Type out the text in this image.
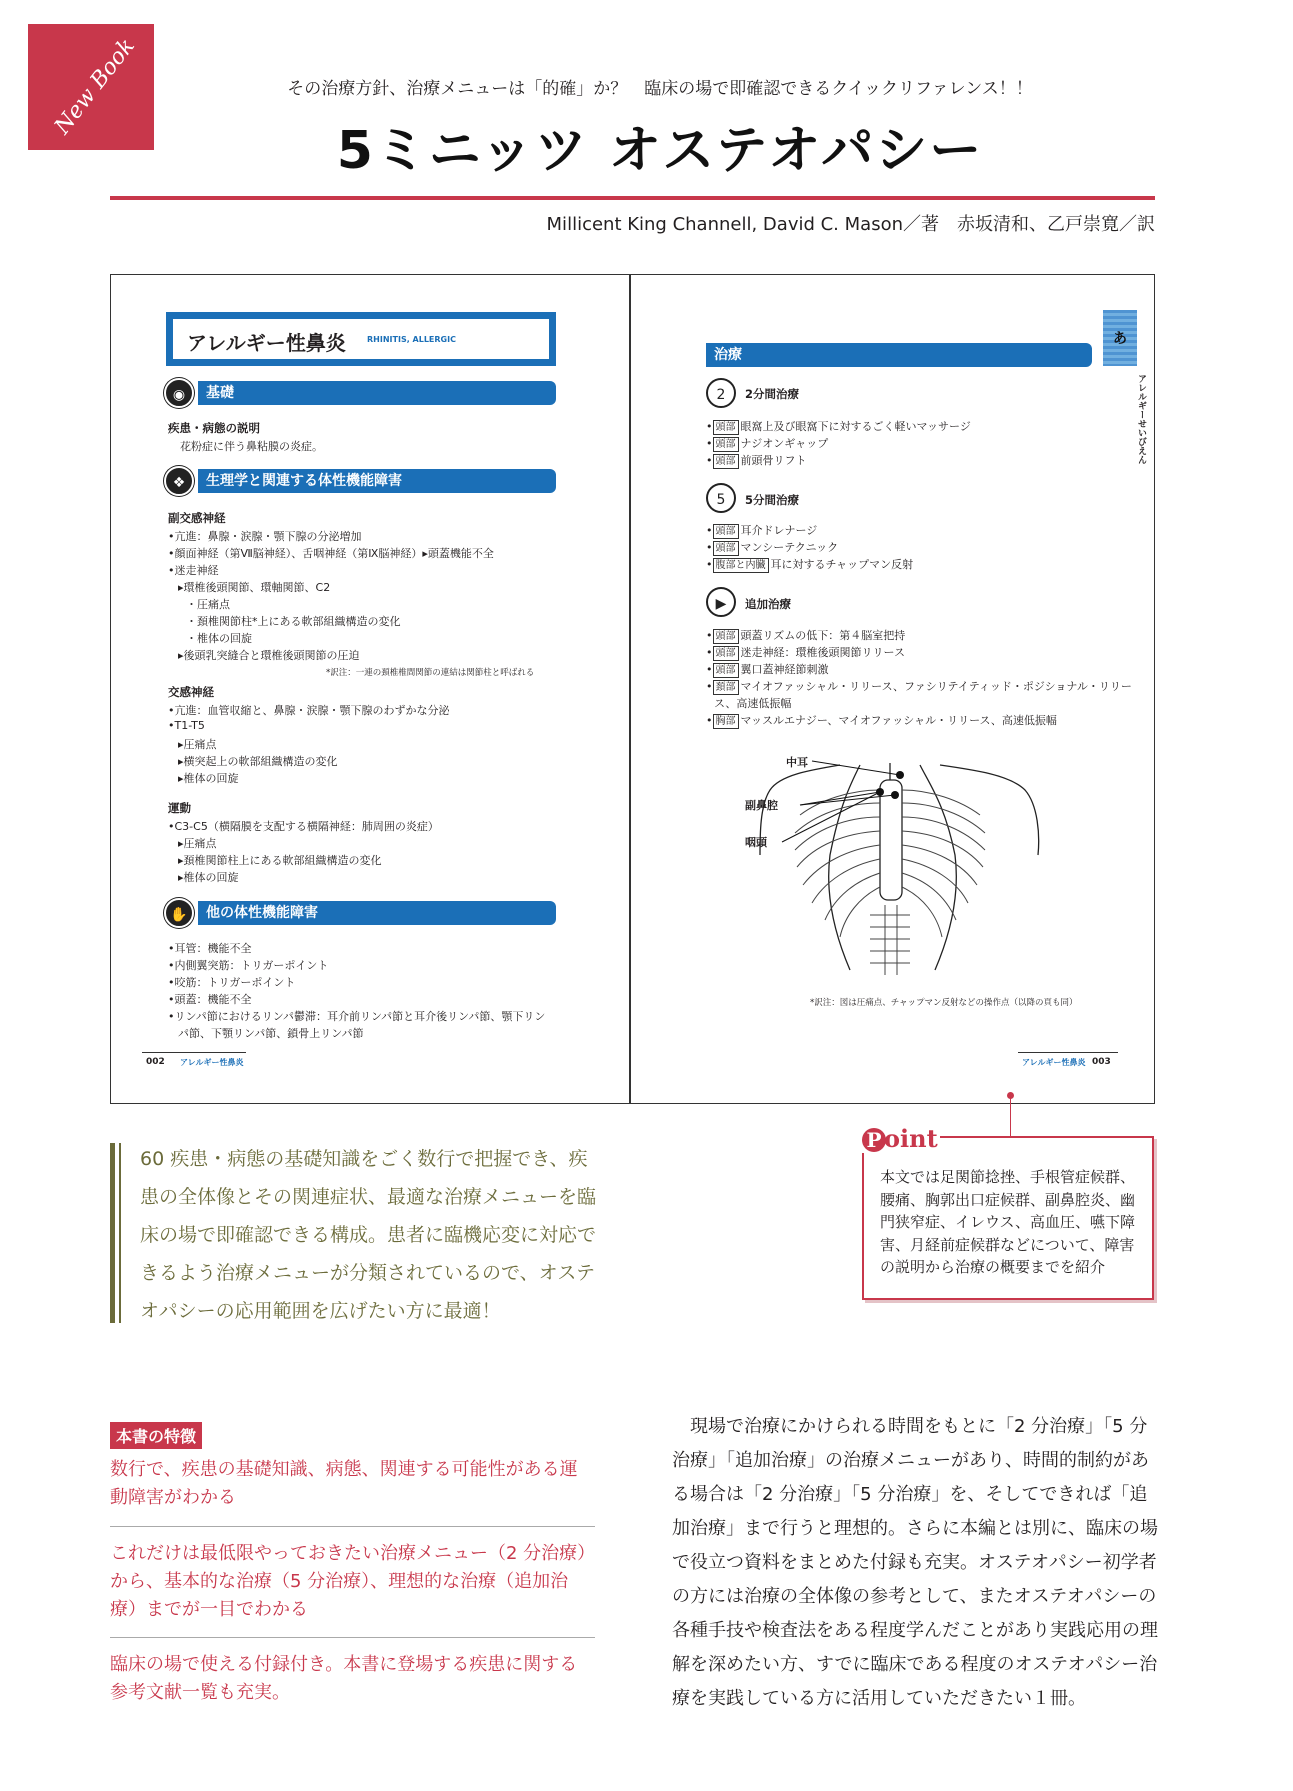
New Book	その治療方針、治療メニューは「的確」か？　臨床の場で即確認できるクイックリファレンス！！
5ミニッツ オステオパシー
Millicent King Channell, David C. Mason／著　赤坂清和、乙戸崇寛／訳
アレルギー性鼻炎	RHINITIS, ALLERGIC
◉	基礎
疾患・病態の説明
花粉症に伴う鼻粘膜の炎症。
❖	生理学と関連する体性機能障害
副交感神経
•亢進：鼻腺・涙腺・顎下腺の分泌増加
•顔面神経（第Ⅶ脳神経）、舌咽神経（第Ⅸ脳神経）▸頭蓋機能不全
•迷走神経
▸環椎後頭関節、環軸関節、C2
・圧痛点
・頚椎関節柱*上にある軟部組織構造の変化
・椎体の回旋
▸後頭乳突縫合と環椎後頭関節の圧迫
*訳注：一連の頚椎椎間関節の連結は関節柱と呼ばれる
交感神経
•亢進：血管収縮と、鼻腺・涙腺・顎下腺のわずかな分泌
•T1-T5
▸圧痛点
▸横突起上の軟部組織構造の変化
▸椎体の回旋
運動
•C3-C5（横隔膜を支配する横隔神経：肺周囲の炎症）
▸圧痛点
▸頚椎関節柱上にある軟部組織構造の変化
▸椎体の回旋
✋	他の体性機能障害
•耳管：機能不全
•内側翼突筋：トリガーポイント
•咬筋：トリガーポイント
•頭蓋：機能不全
•リンパ節におけるリンパ鬱滞：耳介前リンパ節と耳介後リンパ節、顎下リン
パ節、下顎リンパ節、鎖骨上リンパ節
002 アレルギー性鼻炎
あ
アレルギーせいびえん
治療
2	2分間治療
• 頭部 眼窩上及び眼窩下に対するごく軽いマッサージ
• 頭部 ナジオンギャップ
• 頭部 前頭骨リフト
5	5分間治療
• 頭部 耳介ドレナージ
• 頭部 マンシーテクニック
• 腹部と内臓 耳に対するチャップマン反射
▶	追加治療
• 頭部 頭蓋リズムの低下：第４脳室把持
• 頭部 迷走神経：環椎後頭関節リリース
• 頭部 翼口蓋神経節刺激
• 頚部 マイオファッシャル・リリース、ファシリテイティッド・ポジショナル・リリー
ス、高速低振幅
• 胸部 マッスルエナジー、マイオファッシャル・リリース、高速低振幅
中耳
副鼻腔
咽頭
*訳注：図は圧痛点、チャップマン反射などの操作点（以降の頁も同）
アレルギー性鼻炎 003
P oint
本文では足関節捻挫、手根管症候群、腰痛、胸郭出口症候群、副鼻腔炎、幽門狭窄症、イレウス、高血圧、嚥下障害、月経前症候群などについて、障害の説明から治療の概要までを紹介
60 疾患・病態の基礎知識をごく数行で把握でき、疾患の全体像とその関連症状、最適な治療メニューを臨床の場で即確認できる構成。患者に臨機応変に対応できるよう治療メニューが分類されているので、オステオパシーの応用範囲を広げたい方に最適！
本書の特徴
数行で、疾患の基礎知識、病態、関連する可能性がある運動障害がわかる
これだけは最低限やっておきたい治療メニュー（2 分治療）から、基本的な治療（5 分治療）、理想的な治療（追加治療）までが一目でわかる
臨床の場で使える付録付き。本書に登場する疾患に関する参考文献一覧も充実。
現場で治療にかけられる時間をもとに「2 分治療」「5 分治療」「追加治療」の治療メニューがあり、時間的制約がある場合は「2 分治療」「5 分治療」を、そしてできれば「追加治療」まで行うと理想的。さらに本編とは別に、臨床の場で役立つ資料をまとめた付録も充実。オステオパシー初学者の方には治療の全体像の参考として、またオステオパシーの各種手技や検査法をある程度学んだことがあり実践応用の理解を深めたい方、すでに臨床である程度のオステオパシー治療を実践している方に活用していただきたい１冊。
